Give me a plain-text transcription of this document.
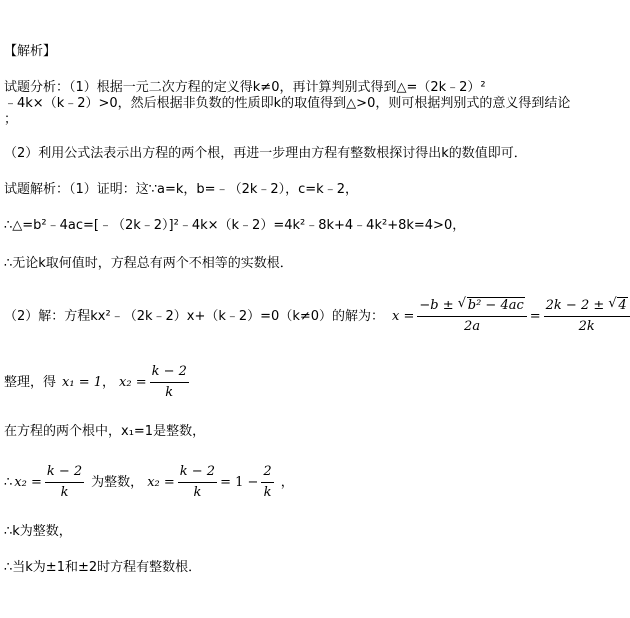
【解析】
试题分析：（1）根据一元二次方程的定义得k≠0，再计算判别式得到△=（2k﹣2）²
﹣4k×（k﹣2）>0，然后根据非负数的性质即k的取值得到△>0，则可根据判别式的意义得到结论
；
（2）利用公式法表示出方程的两个根，再进一步理由方程有整数根探讨得出k的数值即可．
试题解析：（1）证明：这∵a=k，b=﹣（2k﹣2），c=k﹣2，
∴△=b²﹣4ac=[﹣（2k﹣2）]²﹣4k×（k﹣2）=4k²﹣8k+4﹣4k²+8k=4>0，
∴无论k取何值时，方程总有两个不相等的实数根．
（2）解：方程kx²﹣（2k﹣2）x+（k﹣2）=0（k≠0）的解为： $x = \frac{\text{−b ± √ b² − 4ac}}{2a} = \frac{2k - 2 \pm √ 4}{2k}$
整理，得 x₁ = 1 ， $x_2 = \frac{k - 2}{k}$
在方程的两个根中，x₁=1是整数，
∴ $x_2 = \frac{k - 2}{k}$ 为整数， $x_2 = \frac{k - 2}{k} = 1 - \frac{2}{k}$ ，
∴k为整数，
∴当k为±1和±2时方程有整数根．
